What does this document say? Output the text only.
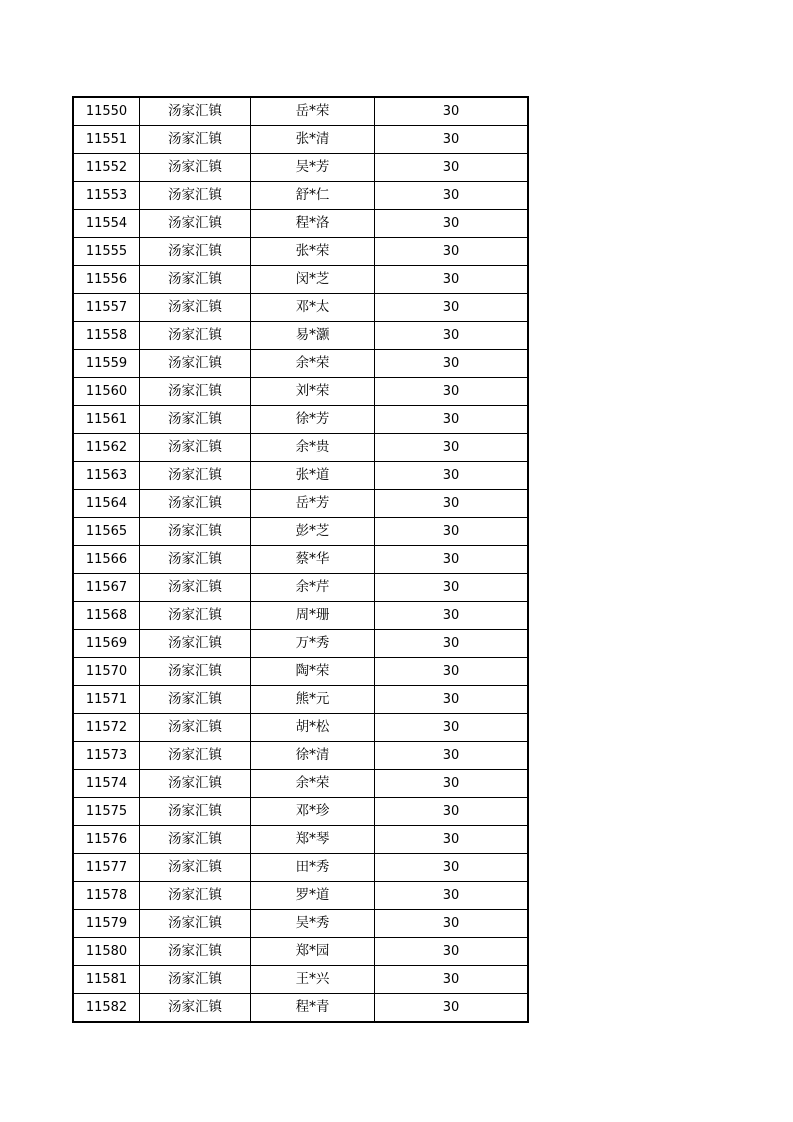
11550	汤家汇镇	岳*荣	30
11551	汤家汇镇	张*清	30
11552	汤家汇镇	吴*芳	30
11553	汤家汇镇	舒*仁	30
11554	汤家汇镇	程*洛	30
11555	汤家汇镇	张*荣	30
11556	汤家汇镇	闵*芝	30
11557	汤家汇镇	邓*太	30
11558	汤家汇镇	易*灏	30
11559	汤家汇镇	余*荣	30
11560	汤家汇镇	刘*荣	30
11561	汤家汇镇	徐*芳	30
11562	汤家汇镇	余*贵	30
11563	汤家汇镇	张*道	30
11564	汤家汇镇	岳*芳	30
11565	汤家汇镇	彭*芝	30
11566	汤家汇镇	蔡*华	30
11567	汤家汇镇	余*芹	30
11568	汤家汇镇	周*珊	30
11569	汤家汇镇	万*秀	30
11570	汤家汇镇	陶*荣	30
11571	汤家汇镇	熊*元	30
11572	汤家汇镇	胡*松	30
11573	汤家汇镇	徐*清	30
11574	汤家汇镇	余*荣	30
11575	汤家汇镇	邓*珍	30
11576	汤家汇镇	郑*琴	30
11577	汤家汇镇	田*秀	30
11578	汤家汇镇	罗*道	30
11579	汤家汇镇	吴*秀	30
11580	汤家汇镇	郑*园	30
11581	汤家汇镇	王*兴	30
11582	汤家汇镇	程*青	30
